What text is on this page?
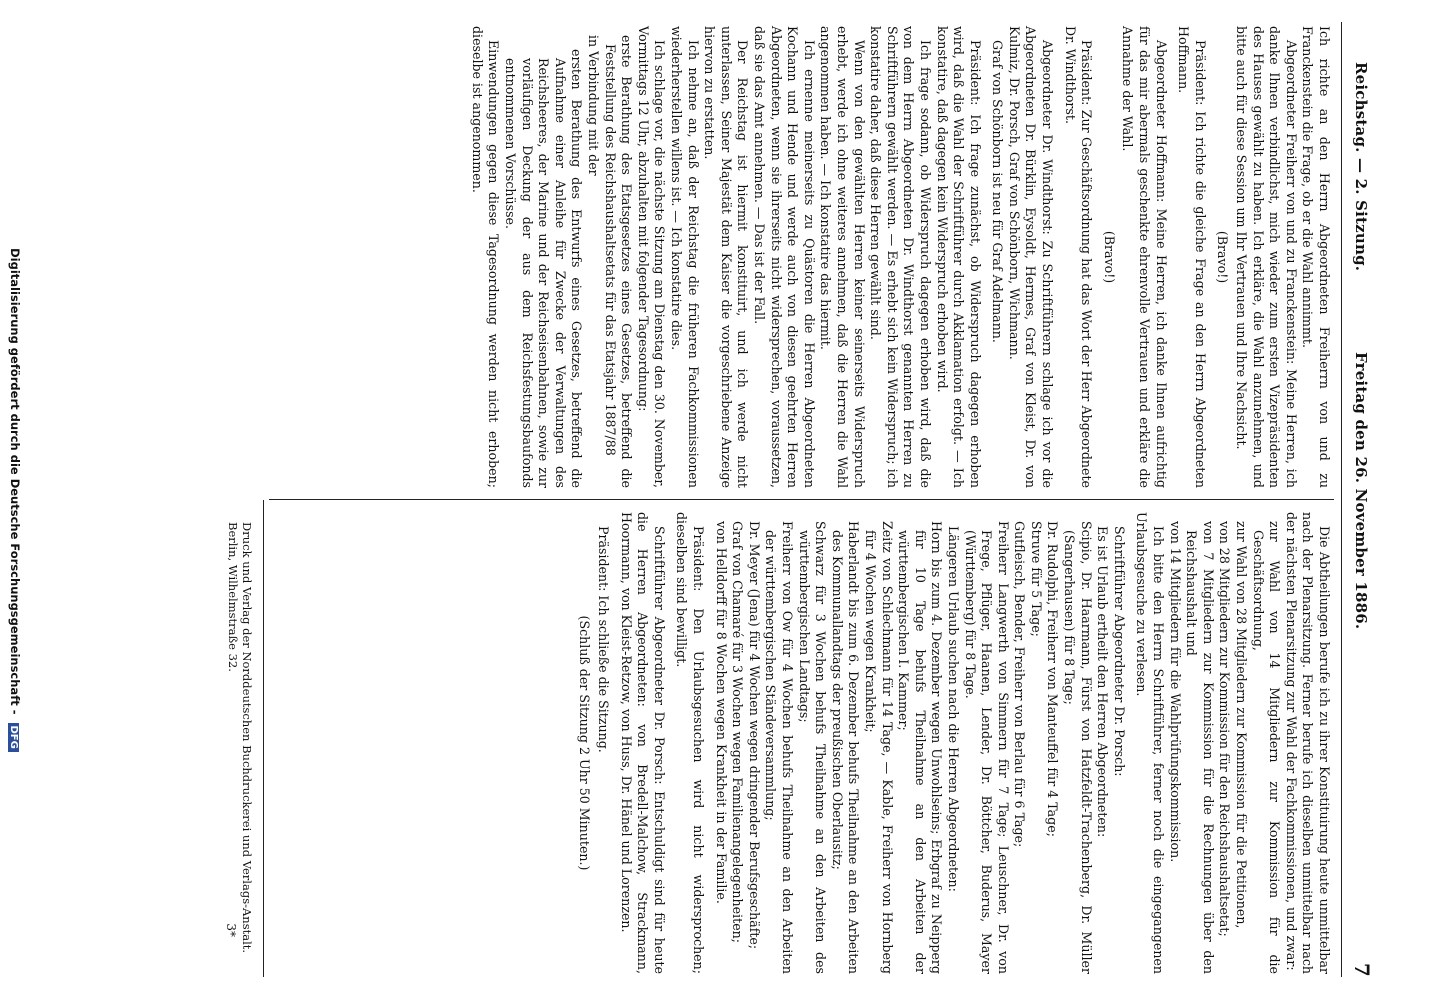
Reichstag. — 2. Sitzung.
Freitag den 26. November 1886.
7

Ich richte an den Herrn Abgeordneten Freiherrn von und zu Franckenstein die Frage, ob er die Wahl annimmt.

Abgeordneter Freiherr von und zu Franckenstein: Meine Herren, ich danke Ihnen verbindlichst, mich wieder zum ersten Vizepräsidenten des Hauses gewählt zu haben. Ich erkläre, die Wahl anzunehmen, und bitte auch für diese Session um Ihr Vertrauen und Ihre Nachsicht.

(Bravo!)

Präsident: Ich richte die gleiche Frage an den Herrn Abgeordneten Hoffmann.

Abgeordneter Hoffmann: Meine Herren, ich danke Ihnen aufrichtig für das mir abermals geschenkte ehrenvolle Vertrauen und erkläre die Annahme der Wahl.

(Bravo!)

Präsident: Zur Geschäftsordnung hat das Wort der Herr Abgeordnete Dr. Windthorst.

Abgeordneter Dr. Windthorst: Zu Schriftführern schlage ich vor die Abgeordneten Dr. Bürklin, Eysoldt, Hermes, Graf von Kleist, Dr. von Kulmiz, Dr. Porsch, Graf von Schönborn, Wichmann.

Graf von Schönborn ist neu für Graf Adelmann.

Präsident: Ich frage zunächst, ob Widerspruch dagegen erhoben wird, daß die Wahl der Schriftführer durch Akklamation erfolgt. — Ich konstatire, daß dagegen kein Widerspruch erhoben wird.

Ich frage sodann, ob Widerspruch dagegen erhoben wird, daß die von dem Herrn Abgeordneten Dr. Windthorst genannten Herren zu Schriftführern gewählt werden. — Es erhebt sich kein Widerspruch; ich konstatire daher, daß diese Herren gewählt sind.

Wenn von den gewählten Herren keiner seinerseits Widerspruch erhebt, werde ich ohne weiteres annehmen, daß die Herren die Wahl angenommen haben. — Ich konstatire das hiermit.

Ich ernenne meinerseits zu Quästoren die Herren Abgeordneten Kochann und Hende und werde auch von diesen geehrten Herren Abgeordneten, wenn sie ihrerseits nicht widersprechen, voraussetzen, daß sie das Amt annehmen. — Das ist der Fall.

Der Reichstag ist hiermit konstituirt, und ich werde nicht unterlassen, Seiner Majestät dem Kaiser die vorgeschriebene Anzeige hiervon zu erstatten.

Ich nehme an, daß der Reichstag die früheren Fachkommissionen wiederherstellen willens ist. — Ich konstatire dies.

Ich schlage vor, die nächste Sitzung am Dienstag den 30. November, Vormittags 12 Uhr, abzuhalten mit folgender Tagesordnung:

erste Berathung des Etatsgesetzes eines Gesetzes, betreffend die Feststellung des Reichshaushaltsetats für das Etatsjahr 1887/88

in Verbindung mit der

ersten Berathung des Entwurfs eines Gesetzes, betreffend die Aufnahme einer Anleihe für Zwecke der Verwaltungen des Reichsheeres, der Marine und der Reichseisenbahnen, sowie zur vorläufigen Deckung der aus dem Reichsfestungsbaufonds entnommenen Vorschüsse.

Einwendungen gegen diese Tagesordnung werden nicht erhoben; dieselbe ist angenommen.

Die Abtheilungen berufe ich zu ihrer Konstituirung heute unmittelbar nach der Plenarsitzung. Ferner berufe ich dieselben unmittelbar nach der nächsten Plenarsitzung zur Wahl der Fachkommissionen, und zwar:

zur Wahl von 14 Mitgliedern zur Kommission für die Geschäftsordnung,

zur Wahl von 28 Mitgliedern zur Kommission für die Petitionen,

von 28 Mitgliedern zur Kommission für den Reichshaushaltsetat;

von 7 Mitgliedern zur Kommission für die Rechnungen über den Reichshaushalt und

von 14 Mitgliedern für die Wahlprüfungskommission.

Ich bitte den Herrn Schriftführer, ferner noch die eingegangenen Urlaubsgesuche zu verlesen.

Schriftführer Abgeordneter Dr. Porsch:

Es ist Urlaub ertheilt den Herren Abgeordneten:

Scipio, Dr. Haarmann, Fürst von Hatzfeldt-Trachenberg, Dr. Müller (Sangerhausen) für 8 Tage;

Dr. Rudolphi, Freiherr von Manteuffel für 4 Tage;

Struve für 5 Tage;

Gutfleisch, Bender, Freiherr von Berlau für 6 Tage;

Freiherr Langwerth von Simmern für 7 Tage; Leuschner, Dr. von Frege, Pflüger, Haanen, Lender, Dr. Böttcher, Buderus, Mayer (Württemberg) für 8 Tage.

Längeren Urlaub suchen nach die Herren Abgeordneten:

Horn bis zum 4. Dezember wegen Unwohlseins; Erbgraf zu Neipperg für 10 Tage behufs Theilnahme an den Arbeiten der württembergischen I. Kammer;

Zeitz von Schlechmann für 14 Tage, — Kable, Freiherr von Hornberg für 4 Wochen wegen Krankheit;

Haberlandt bis zum 6. Dezember behufs Theilnahme an den Arbeiten des Kommunallandtags der preußischen Oberlausitz;

Schwarz für 3 Wochen behufs Theilnahme an den Arbeiten des württembergischen Landtags;

Freiherr von Ow für 4 Wochen behufs Theilnahme an den Arbeiten der württembergischen Ständeversammlung;

Dr. Meyer (Jena) für 4 Wochen wegen dringender Berufsgeschäfte;

Graf von Chamaré für 3 Wochen wegen Familienangelegenheiten;

von Helldorff für 8 Wochen wegen Krankheit in der Familie.

Präsident: Den Urlaubsgesuchen wird nicht widersprochen; dieselben sind bewilligt.

Schriftführer Abgeordneter Dr. Porsch: Entschuldigt sind für heute die Herren Abgeordneten: von Bredell-Malchow, Strackmann, Hoormann, von Kleist-Retzow, von Huss, Dr. Hänel und Lorenzen.

Präsident: Ich schließe die Sitzung.

(Schluß der Sitzung 2 Uhr 50 Minuten.)

Druck und Verlag der Norddeutschen Buchdruckerei und Verlags-Anstalt. Berlin, Wilhelmstraße 32.
3*
Digitalisierung gefördert durch die Deutsche Forschungsgemeinschaft - DFG
